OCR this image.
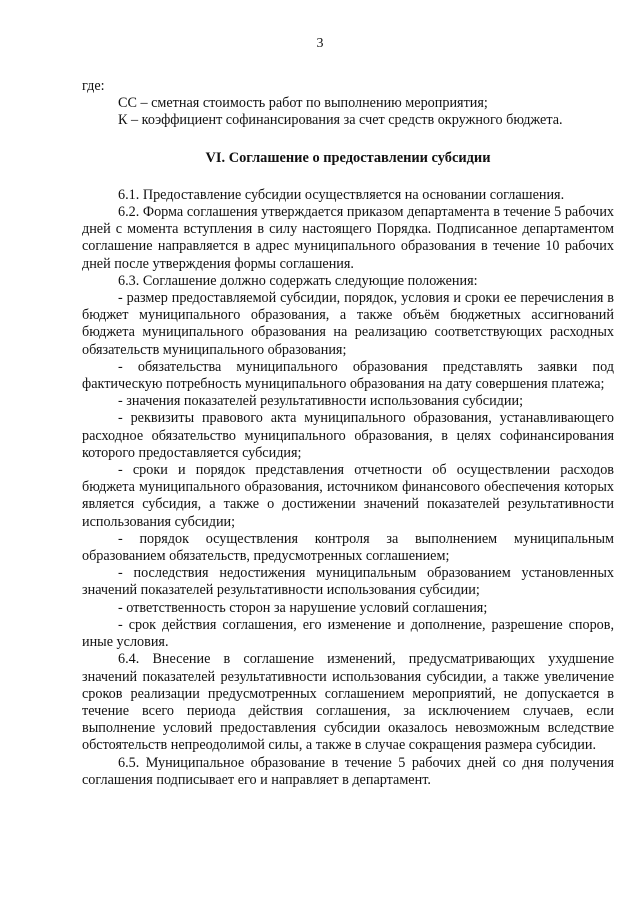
3

где:

СС – сметная стоимость работ по выполнению мероприятия;

К – коэффициент софинансирования за счет средств окружного бюджета.

VI. Соглашение о предоставлении субсидии

6.1. Предоставление субсидии осуществляется на основании соглашения.

6.2. Форма соглашения утверждается приказом департамента в течение 5 рабочих дней с момента вступления в силу настоящего Порядка. Подписанное департаментом соглашение направляется в адрес муниципального образования в течение 10 рабочих дней после утверждения формы соглашения.

6.3. Соглашение должно содержать следующие положения:

- размер предоставляемой субсидии, порядок, условия и сроки ее перечисления в бюджет муниципального образования, а также объём бюджетных ассигнований бюджета муниципального образования на реализацию соответствующих расходных обязательств муниципального образования;

- обязательства муниципального образования представлять заявки под фактическую потребность муниципального образования на дату совершения платежа;

- значения показателей результативности использования субсидии;

- реквизиты правового акта муниципального образования, устанавливающего расходное обязательство муниципального образования, в целях софинансирования которого предоставляется субсидия;

- сроки и порядок представления отчетности об осуществлении расходов бюджета муниципального образования, источником финансового обеспечения которых является субсидия, а также о достижении значений показателей результативности использования субсидии;

- порядок осуществления контроля за выполнением муниципальным образованием обязательств, предусмотренных соглашением;

- последствия недостижения муниципальным образованием установленных значений показателей результативности использования субсидии;

- ответственность сторон за нарушение условий соглашения;

- срок действия соглашения, его изменение и дополнение, разрешение споров, иные условия.

6.4. Внесение в соглашение изменений, предусматривающих ухудшение значений показателей результативности использования субсидии, а также увеличение сроков реализации предусмотренных соглашением мероприятий, не допускается в течение всего периода действия соглашения, за исключением случаев, если выполнение условий предоставления субсидии оказалось невозможным вследствие обстоятельств непреодолимой силы, а также в случае сокращения размера субсидии.

6.5. Муниципальное образование в течение 5 рабочих дней со дня получения соглашения подписывает его и направляет в департамент.
